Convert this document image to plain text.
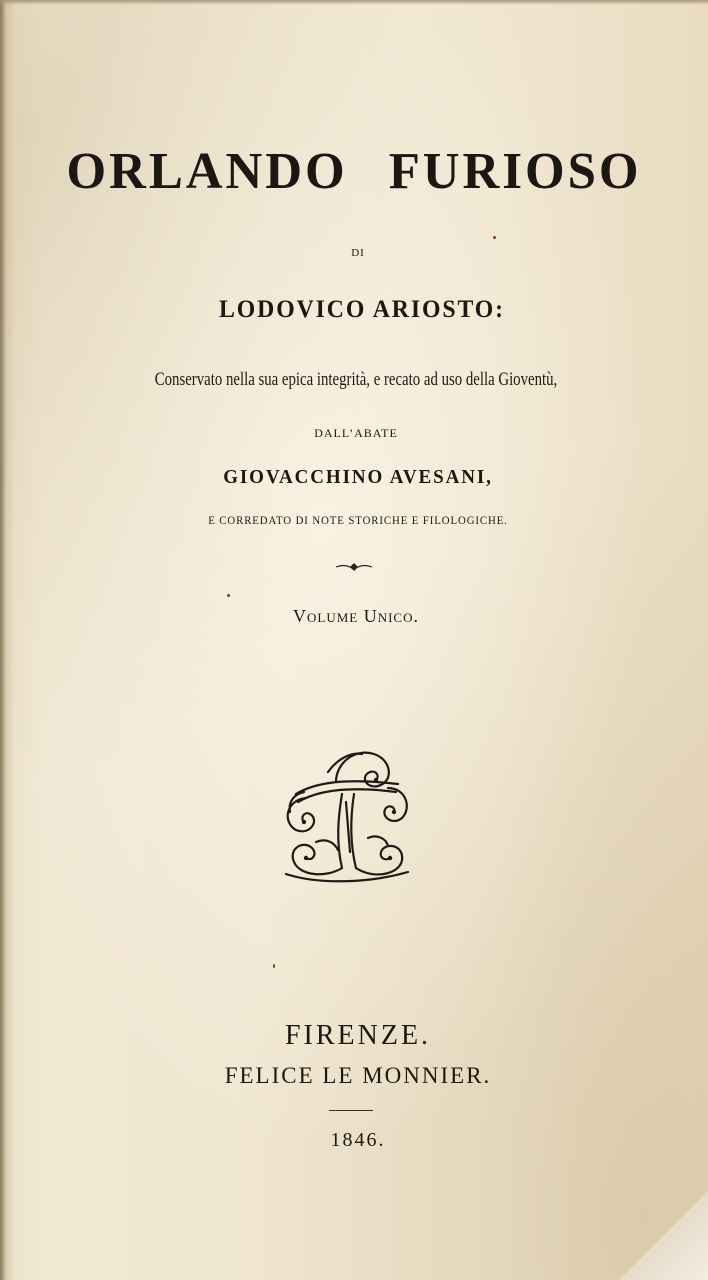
ORLANDO FURIOSO
DI
LODOVICO ARIOSTO:
Conservato nella sua epica integrità, e recato ad uso della Gioventù,
DALL’ABATE
GIOVACCHINO AVESANI,
E CORREDATO DI NOTE STORICHE E FILOLOGICHE.
Volume Unico.
FIRENZE.
FELICE LE MONNIER.
1846.
